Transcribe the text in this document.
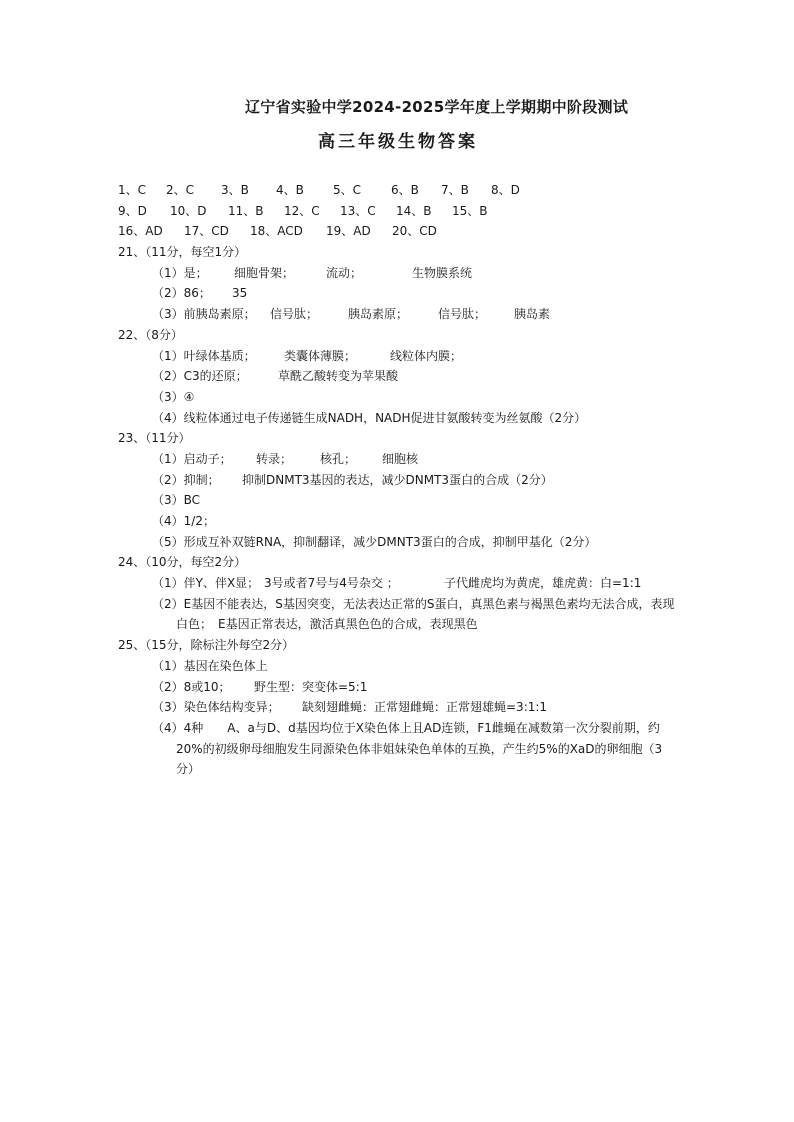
辽宁省实验中学2024-2025学年度上学期期中阶段测试
高三年级生物答案
1、C 2、C 3、B 4、B 5、C 6、B 7、B 8、D
9、D 10、D 11、B 12、C 13、C 14、B 15、B
16、AD 17、CD 18、ACD 19、AD 20、CD
21、（11分，每空1分）
（1）是； 细胞骨架；	流动；	生物膜系统
（2）86； 35
（3）前胰岛素原； 信号肽； 胰岛素原； 信号肽； 胰岛素
22、（8分）
（1）叶绿体基质； 类囊体薄膜；	线粒体内膜；
（2）C3的还原；	草酰乙酸转变为苹果酸
（3）④
（4）线粒体通过电子传递链生成NADH，NADH促进甘氨酸转变为丝氨酸（2分）
23、（11分）
（1）启动子； 转录； 核孔； 细胞核
（2）抑制； 抑制DNMT3基因的表达，减少DNMT3蛋白的合成（2分）
（3）BC
（4）1/2；
（5）形成互补双链RNA，抑制翻译，减少DMNT3蛋白的合成，抑制甲基化（2分）
24、（10分，每空2分）
（1）伴Y、伴X显； 3号或者7号与4号杂交 ；	子代雌虎均为黄虎，雄虎黄：白=1:1
（2）E基因不能表达，S基因突变，无法表达正常的S蛋白，真黑色素与褐黑色素均无法合成，表现白色；　E基因正常表达，激活真黑色色的合成，表现黑色
25、（15分，除标注外每空2分）
（1）基因在染色体上
（2）8或10； 野生型：突变体=5:1
（3）染色体结构变异； 缺刻翅雌蝇：正常翅雌蝇：正常翅雄蝇=3:1:1
（4）4种　　A、a与D、d基因均位于X染色体上且AD连锁，F1雌蝇在减数第一次分裂前期，约20%的初级卵母细胞发生同源染色体非姐妹染色单体的互换，产生约5%的XaD的卵细胞（3分）
